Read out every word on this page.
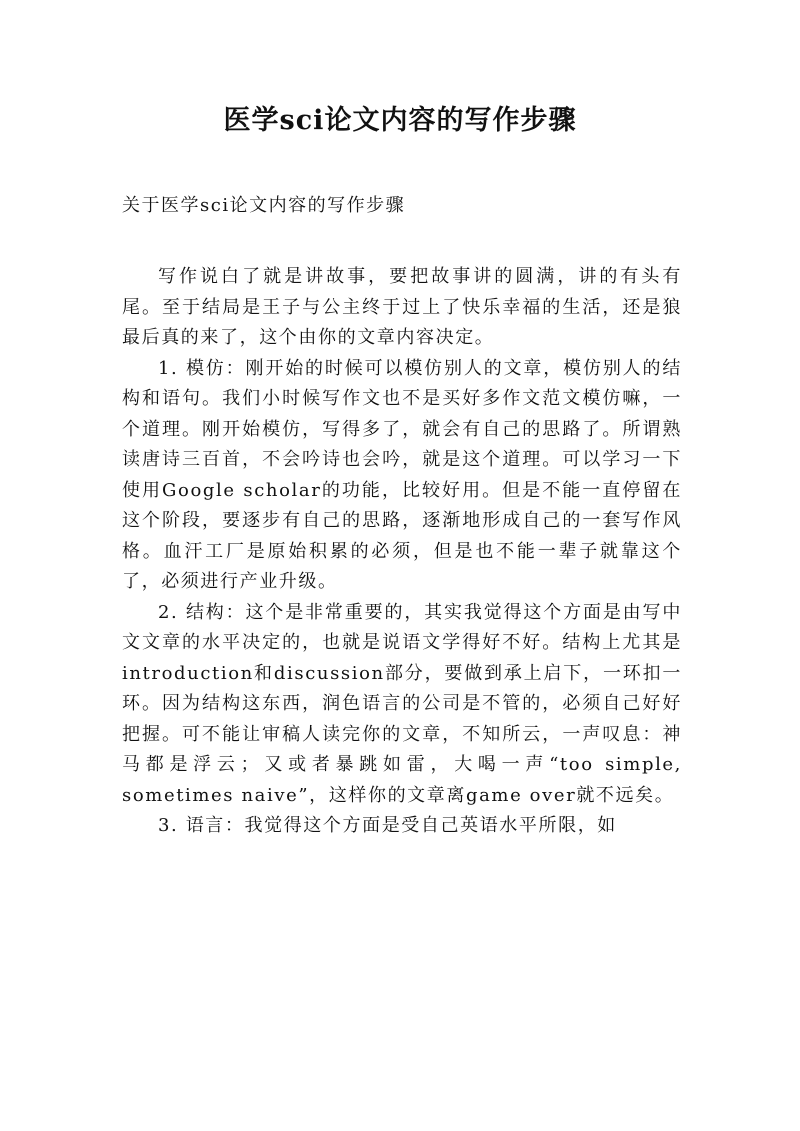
医学sci论文内容的写作步骤
关于医学sci论文内容的写作步骤

写作说白了就是讲故事，要把故事讲的圆满，讲的有头有尾。至于结局是王子与公主终于过上了快乐幸福的生活，还是狼最后真的来了，这个由你的文章内容决定。

1. 模仿：刚开始的时候可以模仿别人的文章，模仿别人的结构和语句。我们小时候写作文也不是买好多作文范文模仿嘛，一个道理。刚开始模仿，写得多了，就会有自己的思路了。所谓熟读唐诗三百首，不会吟诗也会吟，就是这个道理。可以学习一下使用Google scholar的功能，比较好用。但是不能一直停留在这个阶段，要逐步有自己的思路，逐渐地形成自己的一套写作风格。血汗工厂是原始积累的必须，但是也不能一辈子就靠这个了，必须进行产业升级。

2. 结构：这个是非常重要的，其实我觉得这个方面是由写中文文章的水平决定的，也就是说语文学得好不好。结构上尤其是introduction和discussion部分，要做到承上启下，一环扣一环。因为结构这东西，润色语言的公司是不管的，必须自己好好把握。可不能让审稿人读完你的文章，不知所云，一声叹息：神马都是浮云；又或者暴跳如雷，大喝一声“too simple, sometimes naive”，这样你的文章离game over就不远矣。

3. 语言：我觉得这个方面是受自己英语水平所限，如
